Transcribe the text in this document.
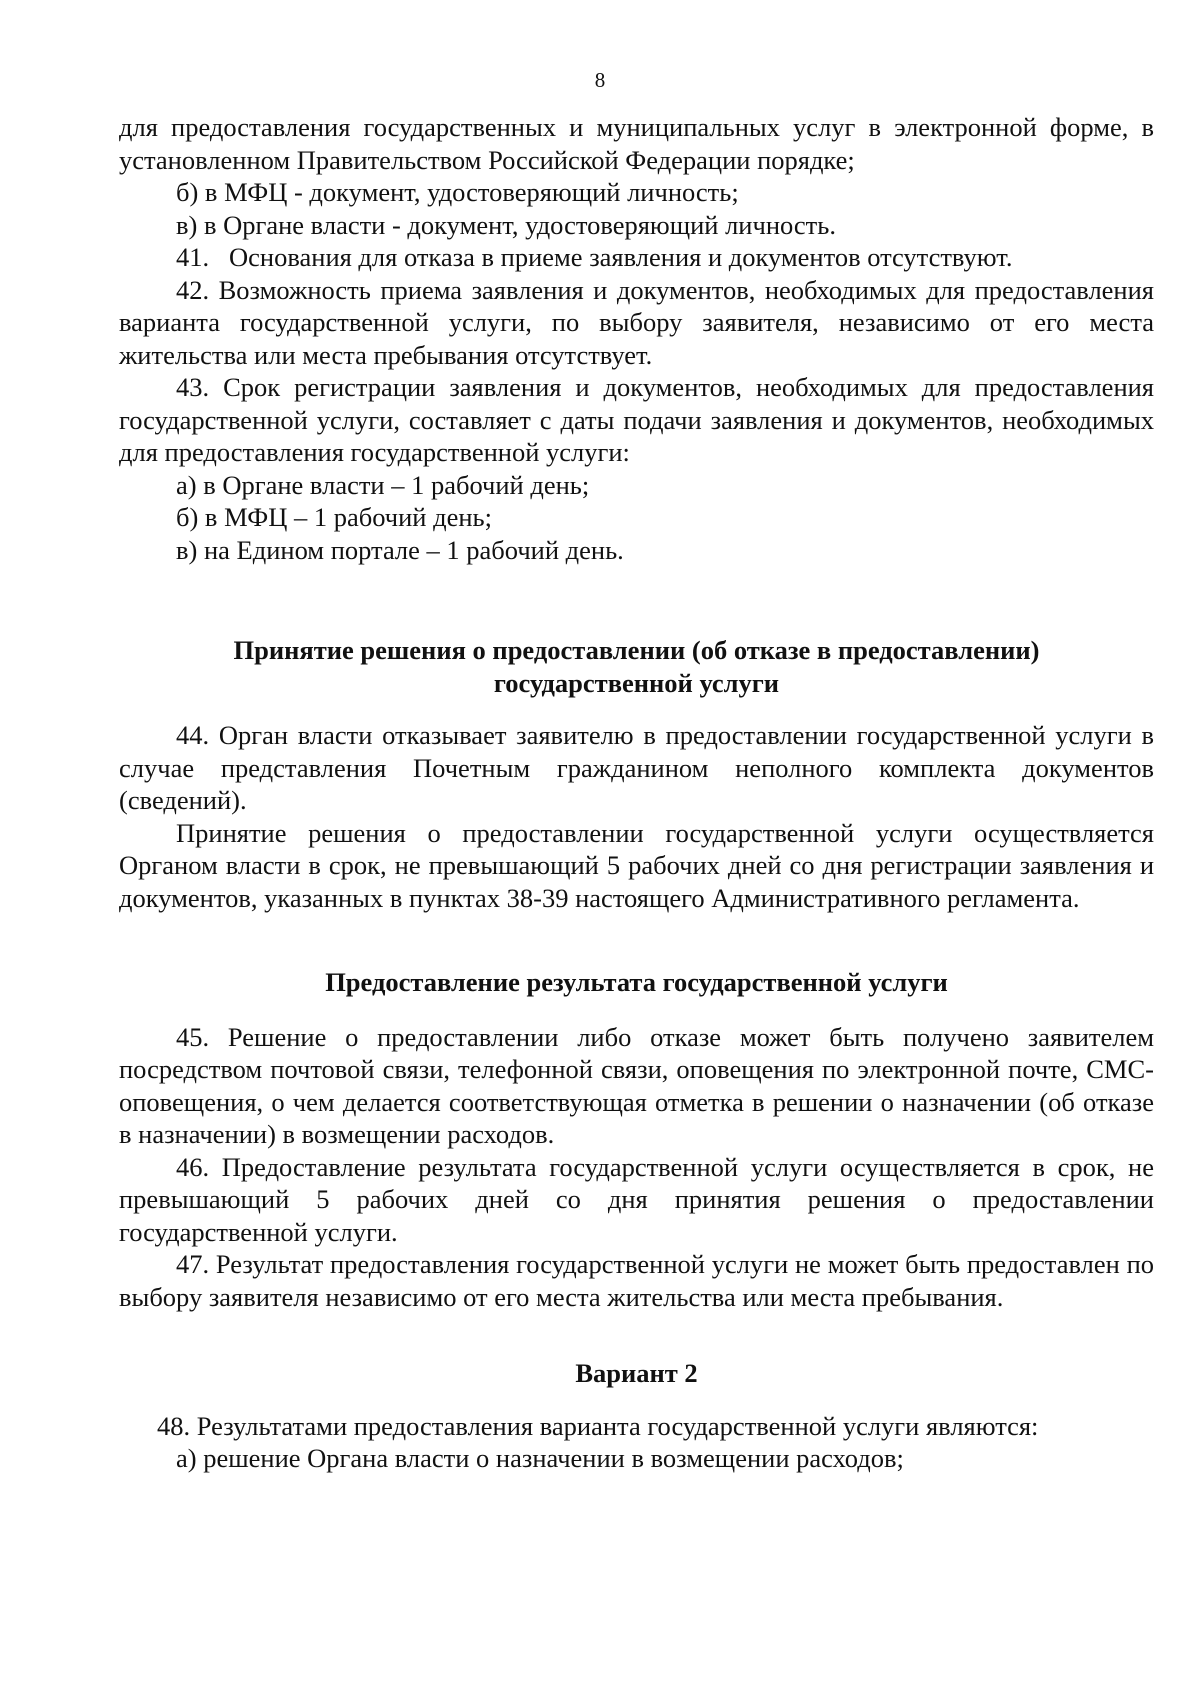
8

для предоставления государственных и муниципальных услуг в электронной форме, в установленном Правительством Российской Федерации порядке;

б) в МФЦ - документ, удостоверяющий личность;

в) в Органе власти - документ, удостоверяющий личность.

41.   Основания для отказа в приеме заявления и документов отсутствуют.

42. Возможность приема заявления и документов, необходимых для предоставления варианта государственной услуги, по выбору заявителя, независимо от его места жительства или места пребывания отсутствует.

43. Срок регистрации заявления и документов, необходимых для предоставления государственной услуги, составляет с даты подачи заявления и документов, необходимых для предоставления государственной услуги:

а) в Органе власти – 1 рабочий день;

б) в МФЦ – 1 рабочий день;

в) на Едином портале – 1 рабочий день.

Принятие решения о предоставлении (об отказе в предоставлении)

государственной услуги

44. Орган власти отказывает заявителю в предоставлении государственной услуги в случае представления Почетным гражданином неполного комплекта документов (сведений).

Принятие решения о предоставлении государственной услуги осуществляется Органом власти в срок, не превышающий 5 рабочих дней со дня регистрации заявления и документов, указанных в пунктах 38-39 настоящего Административного регламента.

Предоставление результата государственной услуги

45. Решение о предоставлении либо отказе может быть получено заявителем посредством почтовой связи, телефонной связи, оповещения по электронной почте, СМС-оповещения, о чем делается соответствующая отметка в решении о назначении (об отказе в назначении) в возмещении расходов.

46. Предоставление результата государственной услуги осуществляется в срок, не превышающий 5 рабочих дней со дня принятия решения о предоставлении государственной услуги.

47. Результат предоставления государственной услуги не может быть предоставлен по выбору заявителя независимо от его места жительства или места пребывания.

Вариант 2

48. Результатами предоставления варианта государственной услуги являются:

а) решение Органа власти о назначении в возмещении расходов;
